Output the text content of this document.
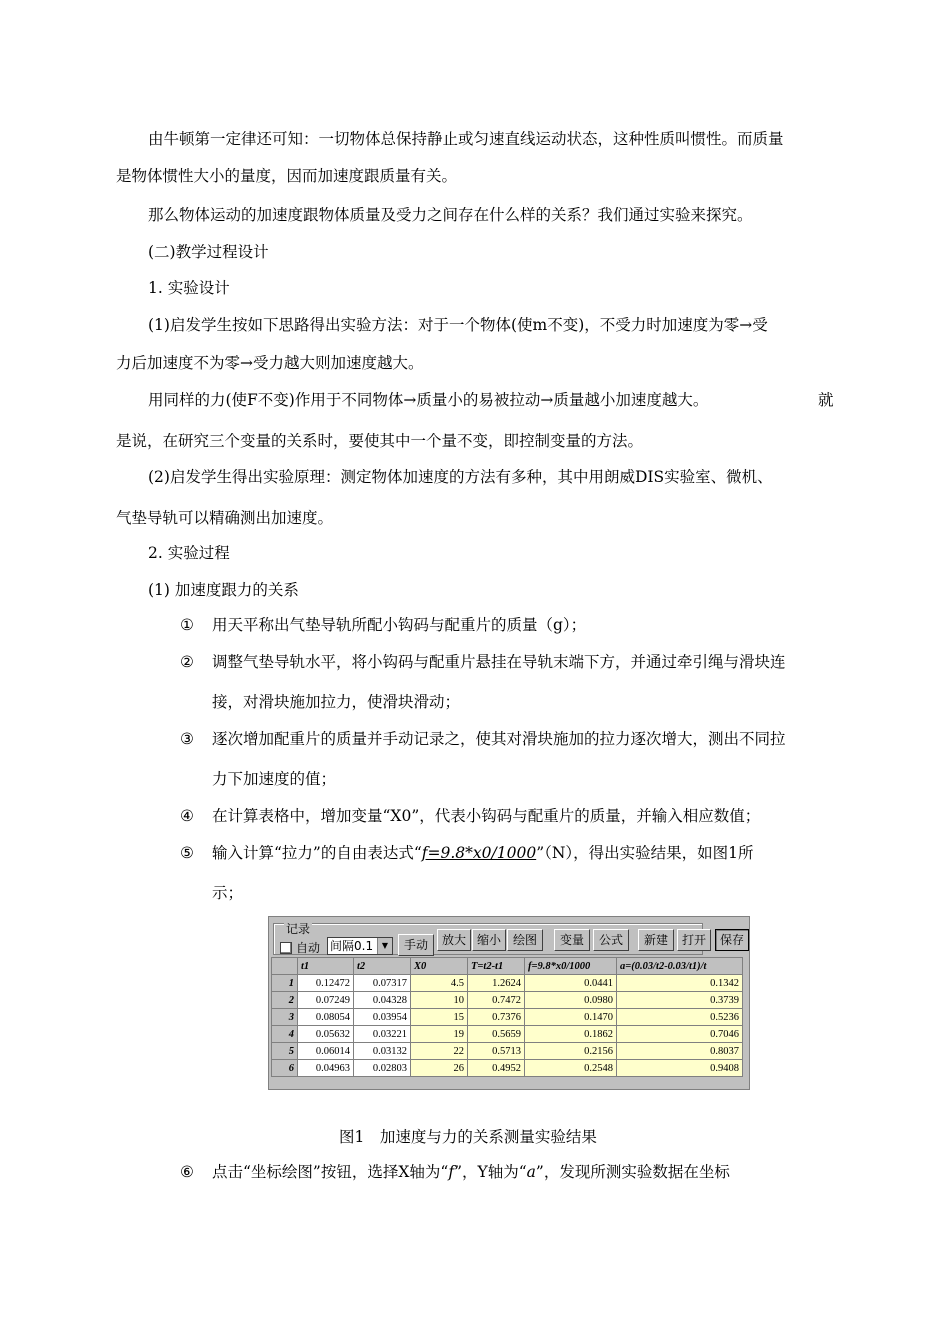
由牛顿第一定律还可知：一切物体总保持静止或匀速直线运动状态，这种性质叫惯性。而质量
是物体惯性大小的量度，因而加速度跟质量有关。
那么物体运动的加速度跟物体质量及受力之间存在什么样的关系？我们通过实验来探究。
(二)教学过程设计
1. 实验设计
(1)启发学生按如下思路得出实验方法：对于一个物体(使m不变)，不受力时加速度为零→受
力后加速度不为零→受力越大则加速度越大。
用同样的力(使F不变)作用于不同物体→质量小的易被拉动→质量越小加速度越大。	就
是说，在研究三个变量的关系时，要使其中一个量不变，即控制变量的方法。
(2)启发学生得出实验原理：测定物体加速度的方法有多种，其中用朗威DIS实验室、微机、
气垫导轨可以精确测出加速度。
2. 实验过程
(1) 加速度跟力的关系
① 用天平称出气垫导轨所配小钩码与配重片的质量（g）；
② 调整气垫导轨水平，将小钩码与配重片悬挂在导轨末端下方，并通过牵引绳与滑块连
接，对滑块施加拉力，使滑块滑动；
③ 逐次增加配重片的质量并手动记录之，使其对滑块施加的拉力逐次增大，测出不同拉
力下加速度的值；
④ 在计算表格中，增加变量“X0”，代表小钩码与配重片的质量，并输入相应数值；
⑤ 输入计算“拉力”的自由表达式“f=9.8*x0/1000”（N），得出实验结果，如图1所
示；
记录
自动 间隔0.1	▼	手动	放大 缩小 绘图	变量	公式	新建	打开	保存
	t1	t2	X0	T=t2-t1	f=9.8*x0/1000	a=(0.03/t2-0.03/t1)/t
1	0.12472	0.07317	4.5	1.2624	0.0441	0.1342
2	0.07249	0.04328	10	0.7472	0.0980	0.3739
3	0.08054	0.03954	15	0.7376	0.1470	0.5236
4	0.05632	0.03221	19	0.5659	0.1862	0.7046
5	0.06014	0.03132	22	0.5713	0.2156	0.8037
6	0.04963	0.02803	26	0.4952	0.2548	0.9408
图1　加速度与力的关系测量实验结果
⑥ 点击“坐标绘图”按钮，选择X轴为“f”，Y轴为“a”，发现所测实验数据在坐标
